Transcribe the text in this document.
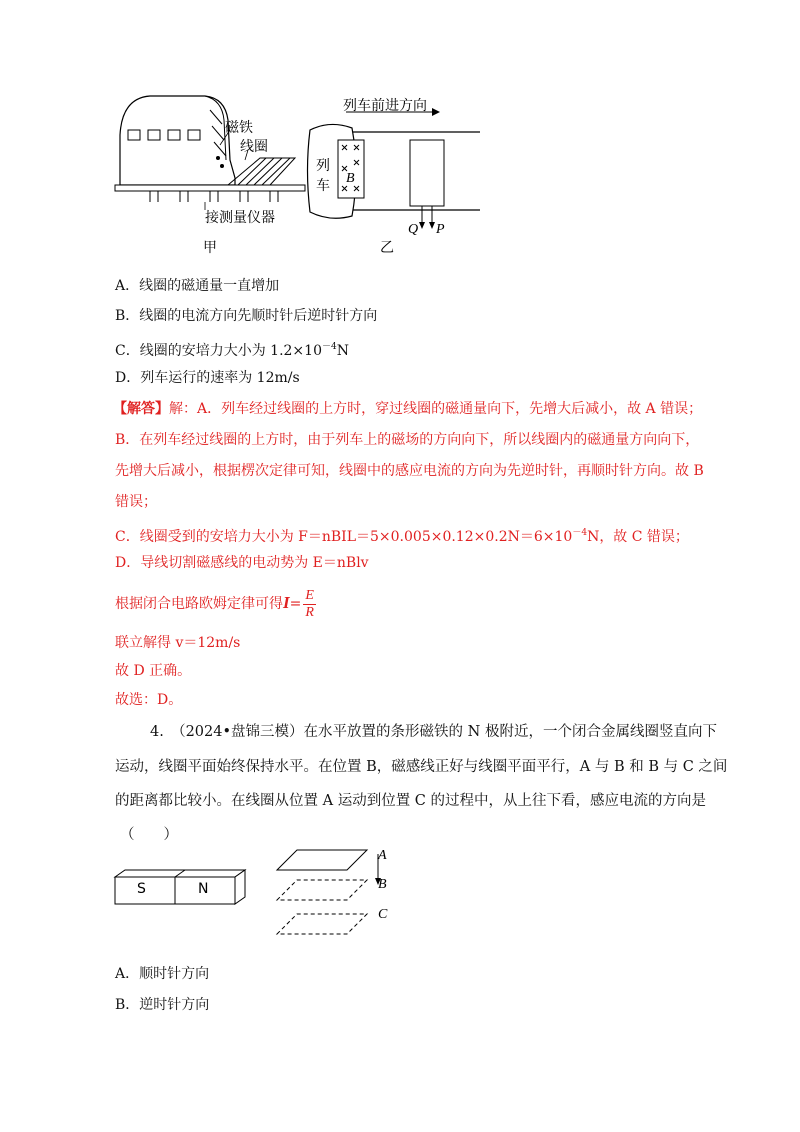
磁铁
线圈
接测量仪器
甲
列车前进方向
列
车 B
Q P
乙
A．线圈的磁通量一直增加
B．线圈的电流方向先顺时针后逆时针方向
C．线圈的安培力大小为 $1.2\times 10^{-4}N$
D．列车运行的速率为 12m/s
【解答】解：A．列车经过线圈的上方时，穿过线圈的磁通量向下，先增大后减小，故 A 错误；
B．在列车经过线圈的上方时，由于列车上的磁场的方向向下，所以线圈内的磁通量方向向下，
先增大后减小，根据楞次定律可知，线圈中的感应电流的方向为先逆时针，再顺时针方向。故 B
错误；
C．线圈受到的安培力大小为 $F=nBIL=5\times 0.005\times 0.12\times 0.2N=6\times 10^{-4}N$，故 C 错误；
D．导线切割磁感线的电动势为 E＝nBlv
根据闭合电路欧姆定律可得$I= \frac{E}{R}$
联立解得 v＝12m/s
故 D 正确。
故选：D。
4.　（2024•盘锦三模）在水平放置的条形磁铁的 N 极附近，一个闭合金属线圈竖直向下
运动，线圈平面始终保持水平。在位置 B，磁感线正好与线圈平面平行，A 与 B 和 B 与 C 之间
的距离都比较小。在线圈从位置 A 运动到位置 C 的过程中，从上往下看，感应电流的方向是
（　　）
S	N
A
B
C
A．顺时针方向
B．逆时针方向
